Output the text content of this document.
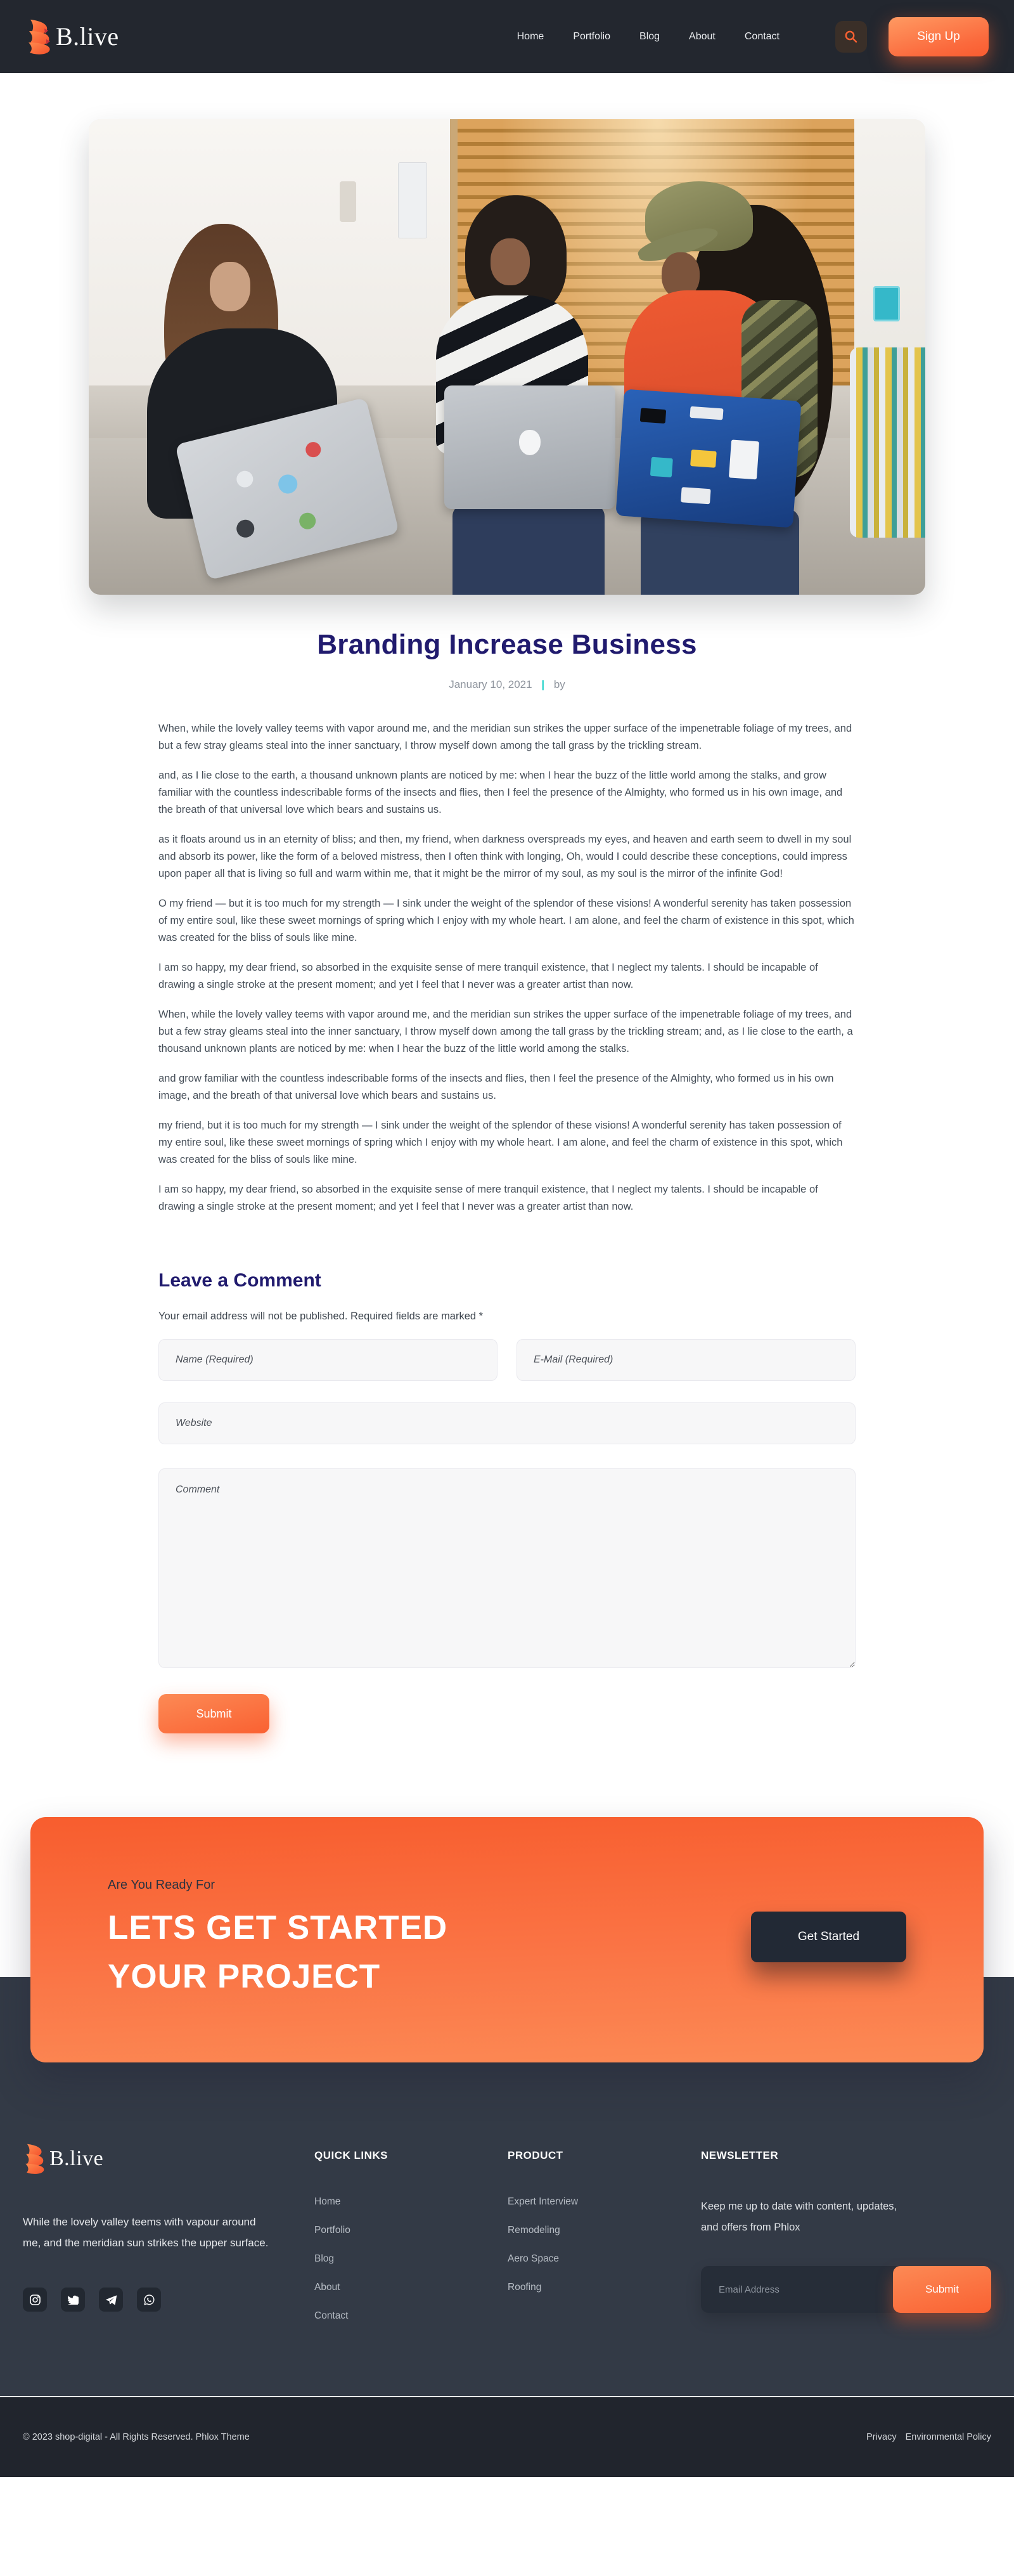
B.live	Home	Portfolio	Blog	About	Contact	Sign Up
Branding Increase Business
January 10, 2021 | by

When, while the lovely valley teems with vapor around me, and the meridian sun strikes the upper surface of the impenetrable foliage of my trees, and but a few stray gleams steal into the inner sanctuary, I throw myself down among the tall grass by the trickling stream.

and, as I lie close to the earth, a thousand unknown plants are noticed by me: when I hear the buzz of the little world among the stalks, and grow familiar with the countless indescribable forms of the insects and flies, then I feel the presence of the Almighty, who formed us in his own image, and the breath of that universal love which bears and sustains us.

as it floats around us in an eternity of bliss; and then, my friend, when darkness overspreads my eyes, and heaven and earth seem to dwell in my soul and absorb its power, like the form of a beloved mistress, then I often think with longing, Oh, would I could describe these conceptions, could impress upon paper all that is living so full and warm within me, that it might be the mirror of my soul, as my soul is the mirror of the infinite God!

O my friend — but it is too much for my strength — I sink under the weight of the splendor of these visions! A wonderful serenity has taken possession of my entire soul, like these sweet mornings of spring which I enjoy with my whole heart. I am alone, and feel the charm of existence in this spot, which was created for the bliss of souls like mine.

I am so happy, my dear friend, so absorbed in the exquisite sense of mere tranquil existence, that I neglect my talents. I should be incapable of drawing a single stroke at the present moment; and yet I feel that I never was a greater artist than now.

When, while the lovely valley teems with vapor around me, and the meridian sun strikes the upper surface of the impenetrable foliage of my trees, and but a few stray gleams steal into the inner sanctuary, I throw myself down among the tall grass by the trickling stream; and, as I lie close to the earth, a thousand unknown plants are noticed by me: when I hear the buzz of the little world among the stalks.

and grow familiar with the countless indescribable forms of the insects and flies, then I feel the presence of the Almighty, who formed us in his own image, and the breath of that universal love which bears and sustains us.

my friend, but it is too much for my strength — I sink under the weight of the splendor of these visions! A wonderful serenity has taken possession of my entire soul, like these sweet mornings of spring which I enjoy with my whole heart. I am alone, and feel the charm of existence in this spot, which was created for the bliss of souls like mine.

I am so happy, my dear friend, so absorbed in the exquisite sense of mere tranquil existence, that I neglect my talents. I should be incapable of drawing a single stroke at the present moment; and yet I feel that I never was a greater artist than now.

Leave a Comment
Your email address will not be published. Required fields are marked *
Name (Required)
E-Mail (Required)
Website Comment Submit
Are You Ready For
LETS GET STARTED
YOUR PROJECT
Get Started
B.live

While the lovely valley teems with vapour around me, and the meridian sun strikes the upper surface.

QUICK LINKS
Home
Portfolio
Blog
About
Contact
PRODUCT
Expert Interview
Remodeling
Aero Space
Roofing
NEWSLETTER

Keep me up to date with content, updates, and offers from Phlox

Email Address
Submit
© 2023 shop-digital - All Rights Reserved. Phlox Theme	Privacy Environmental Policy
